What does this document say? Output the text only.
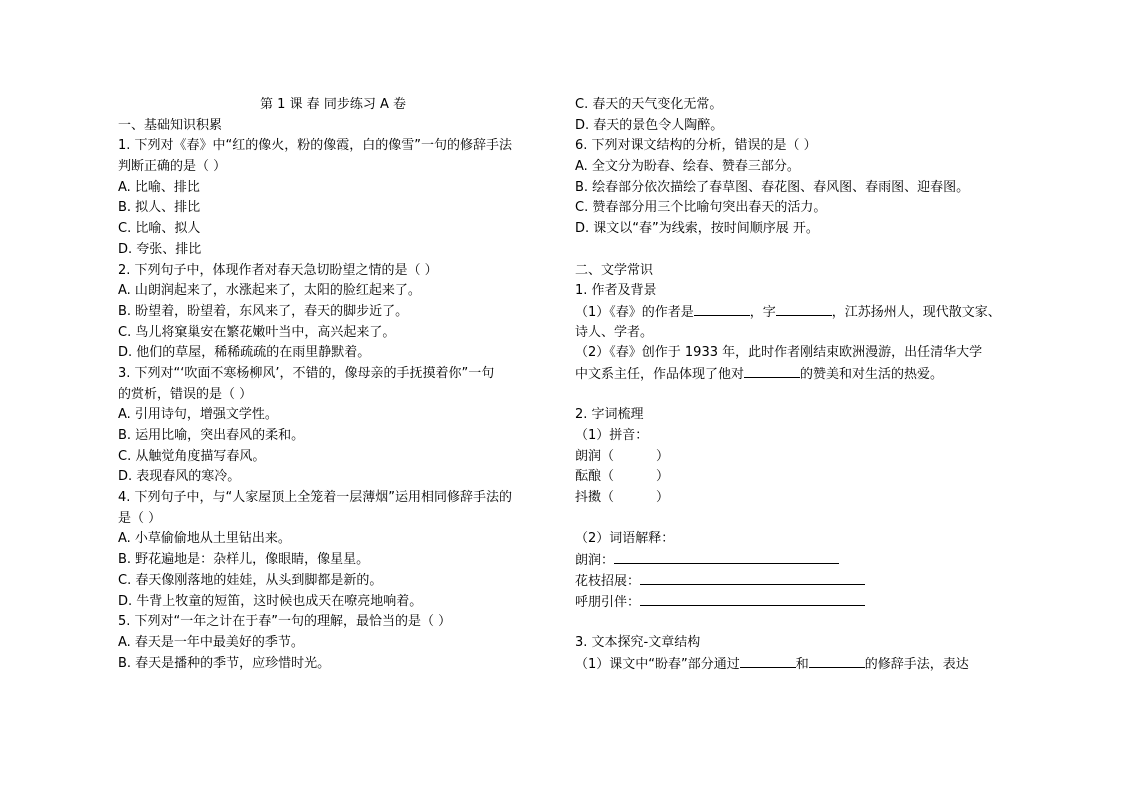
第 1 课 春 同步练习 A 卷
一、基础知识积累
1. 下列对《春》中“红的像火，粉的像霞，白的像雪”一句的修辞手法
判断正确的是（ ）
A. 比喻、排比
B. 拟人、排比
C. 比喻、拟人
D. 夸张、排比
2. 下列句子中，体现作者对春天急切盼望之情的是（ ）
A. 山朗润起来了，水涨起来了，太阳的脸红起来了。
B. 盼望着，盼望着，东风来了，春天的脚步近了。
C. 鸟儿将窠巢安在繁花嫩叶当中，高兴起来了。
D. 他们的草屋，稀稀疏疏的在雨里静默着。
3. 下列对“‘吹面不寒杨柳风’，不错的，像母亲的手抚摸着你”一句
的赏析，错误的是（ ）
A. 引用诗句，增强文学性。
B. 运用比喻，突出春风的柔和。
C. 从触觉角度描写春风。
D. 表现春风的寒冷。
4. 下列句子中，与“人家屋顶上全笼着一层薄烟”运用相同修辞手法的
是（ ）
A. 小草偷偷地从土里钻出来。
B. 野花遍地是：杂样儿，像眼睛，像星星。
C. 春天像刚落地的娃娃，从头到脚都是新的。
D. 牛背上牧童的短笛，这时候也成天在嘹亮地响着。
5. 下列对“一年之计在于春”一句的理解，最恰当的是（ ）
A. 春天是一年中最美好的季节。
B. 春天是播种的季节，应珍惜时光。
C. 春天的天气变化无常。
D. 春天的景色令人陶醉。
6. 下列对课文结构的分析，错误的是（ ）
A. 全文分为盼春、绘春、赞春三部分。
B. 绘春部分依次描绘了春草图、春花图、春风图、春雨图、迎春图。
C. 赞春部分用三个比喻句突出春天的活力。
D. 课文以“春”为线索，按时间顺序展 开。
二、文学常识
1. 作者及背景
（1）《春》的作者是	，字	，江苏扬州人，现代散文家、
诗人、学者。
（2）《春》创作于 1933 年，此时作者刚结束欧洲漫游，出任清华大学
中文系主任，作品体现了他对	的赞美和对生活的热爱。
2. 字词梳理
（1）拼音：
朗润（	）
酝酿（	）
抖擞（	）
（2）词语解释：
朗润：
花枝招展：
呼朋引伴：
3. 文本探究-文章结构
（1）课文中“盼春”部分通过	和	的修辞手法，表达
